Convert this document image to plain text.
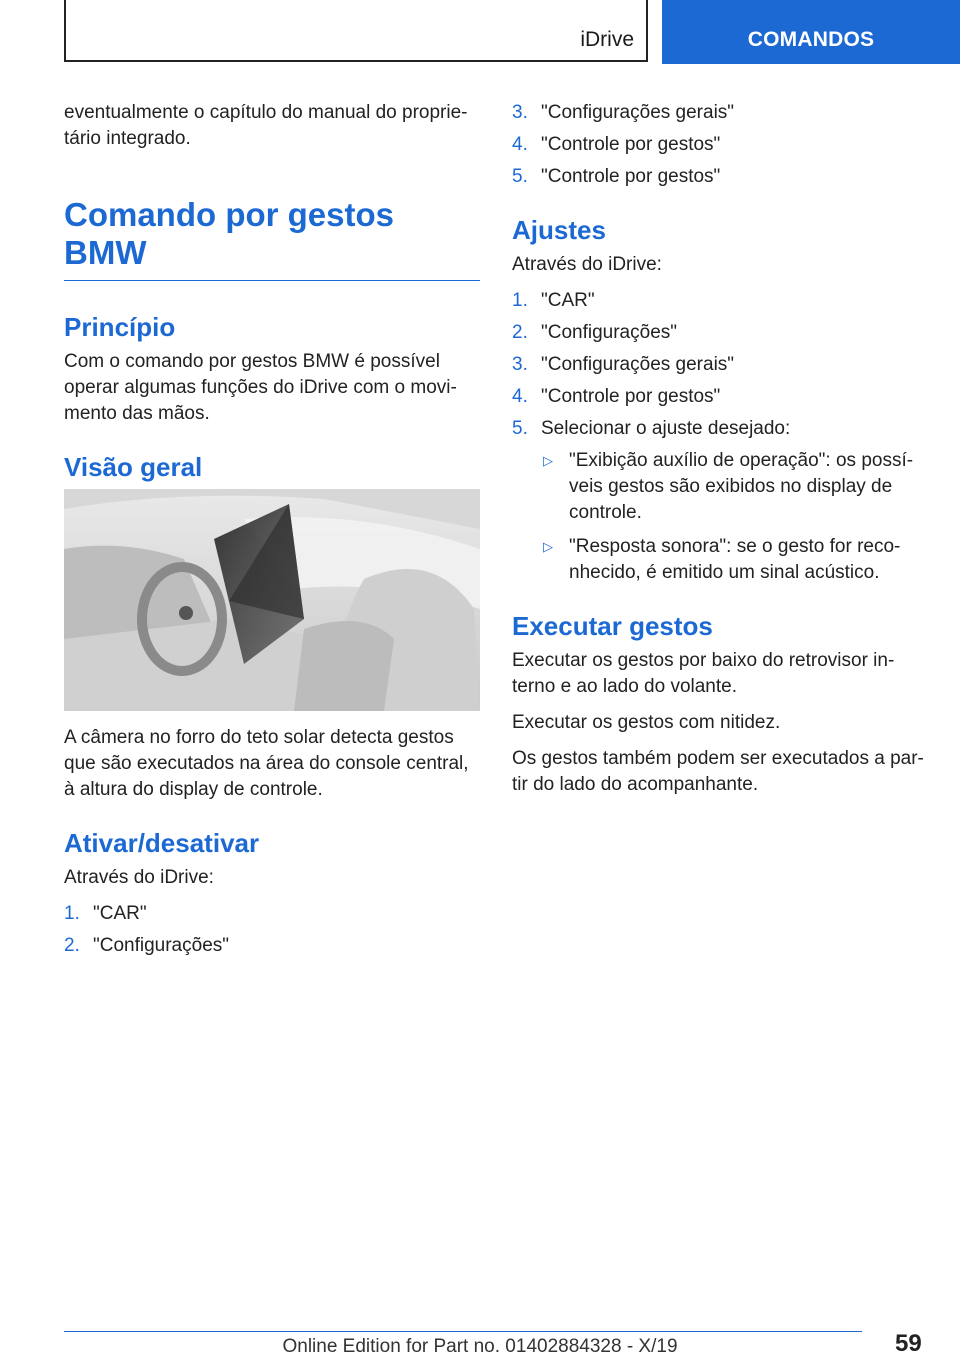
iDrive	COMANDOS

eventualmente o capítulo do manual do proprie-tário integrado.

Comando por gestos BMW
Princípio

Com o comando por gestos BMW é possível operar algumas funções do iDrive com o movi-mento das mãos.

Visão geral

A câmera no forro do teto solar detecta gestos que são executados na área do console central, à altura do display de controle.

Ativar/desativar

Através do iDrive:

1. "CAR"
2. "Configurações"
3. "Configurações gerais"
4. "Controle por gestos"
5. "Controle por gestos"
Ajustes

Através do iDrive:

1. "CAR"
2. "Configurações"
3. "Configurações gerais"
4. "Controle por gestos"
5. Selecionar o ajuste desejado:
▷ "Exibição auxílio de operação": os possí-veis gestos são exibidos no display de controle.
▷ "Resposta sonora": se o gesto for reco-nhecido, é emitido um sinal acústico.
Executar gestos

Executar os gestos por baixo do retrovisor in-terno e ao lado do volante.

Executar os gestos com nitidez.

Os gestos também podem ser executados a par-tir do lado do acompanhante.

59
Online Edition for Part no. 01402884328 - X/19
